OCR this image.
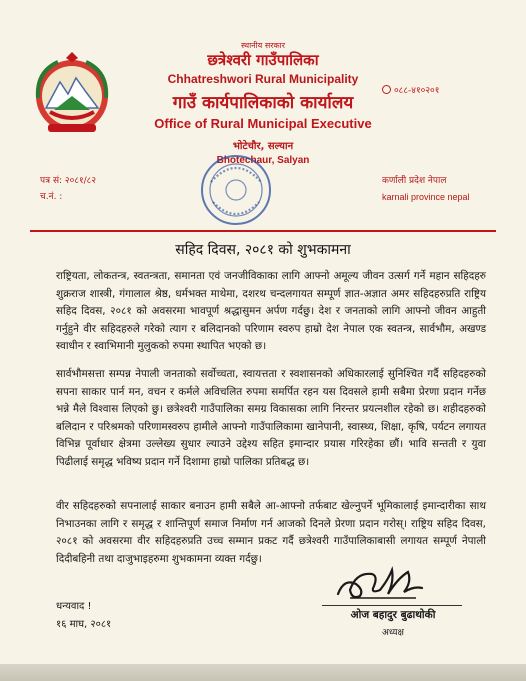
स्थानीय सरकार
छत्रेश्वरी गाउँपालिका
Chhatreshwori Rural Municipality
गाउँ कार्यपालिकाको कार्यालय
Office of Rural Municipal Executive
भोटेचौर, सल्यान
Bhotechaur, Salyan
०८८-४१०२०१
पत्र सं: २०८१/८२
च.नं. :
कर्णाली प्रदेश नेपाल
karnali province nepal
सहिद दिवस, २०८१ को शुभकामना

राष्ट्रियता, लोकतन्त्र, स्वतन्त्रता, समानता एवं जनजीविकाका लागि आफ्नो अमूल्य जीवन उत्सर्ग गर्ने महान सहिदहरु शुक्रराज शास्त्री, गंगालाल श्रेष्ठ, धर्मभक्त माथेमा, दशरथ चन्दलगायत सम्पूर्ण ज्ञात-अज्ञात अमर सहिदहरुप्रति राष्ट्रिय सहिद दिवस, २०८१ को अवसरमा भावपूर्ण श्रद्धासुमन अर्पण गर्दछु। देश र जनताको लागि आफ्नो जीवन आहुती गर्नुहुने वीर सहिदहरुले गरेको त्याग र बलिदानको परिणाम स्वरुप हाम्रो देश नेपाल एक स्वतन्त्र, सार्वभौम, अखण्ड स्वाधीन र स्वाभिमानी मुलुकको रुपमा स्थापित भएको छ।

सार्वभौमसत्ता सम्पन्न नेपाली जनताको सर्वोच्चता, स्वायत्तता र स्वशासनको अधिकारलाई सुनिश्चित गर्दै सहिदहरुको सपना साकार पार्न मन, वचन र कर्मले अविचलित रुपमा समर्पित रहन यस दिवसले हामी सबैमा प्रेरणा प्रदान गर्नेछ भन्ने मैले विश्वास लिएको छु। छत्रेश्वरी गाउँपालिका समग्र विकासका लागि निरन्तर प्रयत्नशील रहेको छ। शहीदहरुको बलिदान र परिश्रमको परिणामस्वरुप हामीले आफ्नो गाउँपालिकामा खानेपानी, स्वास्थ्य, शिक्षा, कृषि, पर्यटन लगायत विभिन्न पूर्वाधार क्षेत्रमा उल्लेख्य सुधार ल्याउने उद्देश्य सहित इमान्दार प्रयास गरिरहेका छौं। भावि सन्तती र युवा पिढीलाई समृद्ध भविष्य प्रदान गर्ने दिशामा हाम्रो पालिका प्रतिबद्ध छ।

वीर सहिदहरुको सपनालाई साकार बनाउन हामी सबैले आ-आफ्नो तर्फबाट खेल्नुपर्ने भूमिकालाई इमान्दारीका साथ निभाउनका लागि र समृद्ध र शान्तिपूर्ण समाज निर्माण गर्न आजको दिनले प्रेरणा प्रदान गरोस्। राष्ट्रिय सहिद दिवस, २०८१ को अवसरमा वीर सहिदहरुप्रति उच्च सम्मान प्रकट गर्दै छत्रेश्वरी गाउँपालिकाबासी लगायत सम्पूर्ण नेपाली दिदीबहिनी तथा दाजुभाइहरुमा शुभकामना व्यक्त गर्दछु।

धन्यवाद !
१६ माघ, २०८१
ओज बहादुर बुढाथोकी
अध्यक्ष
